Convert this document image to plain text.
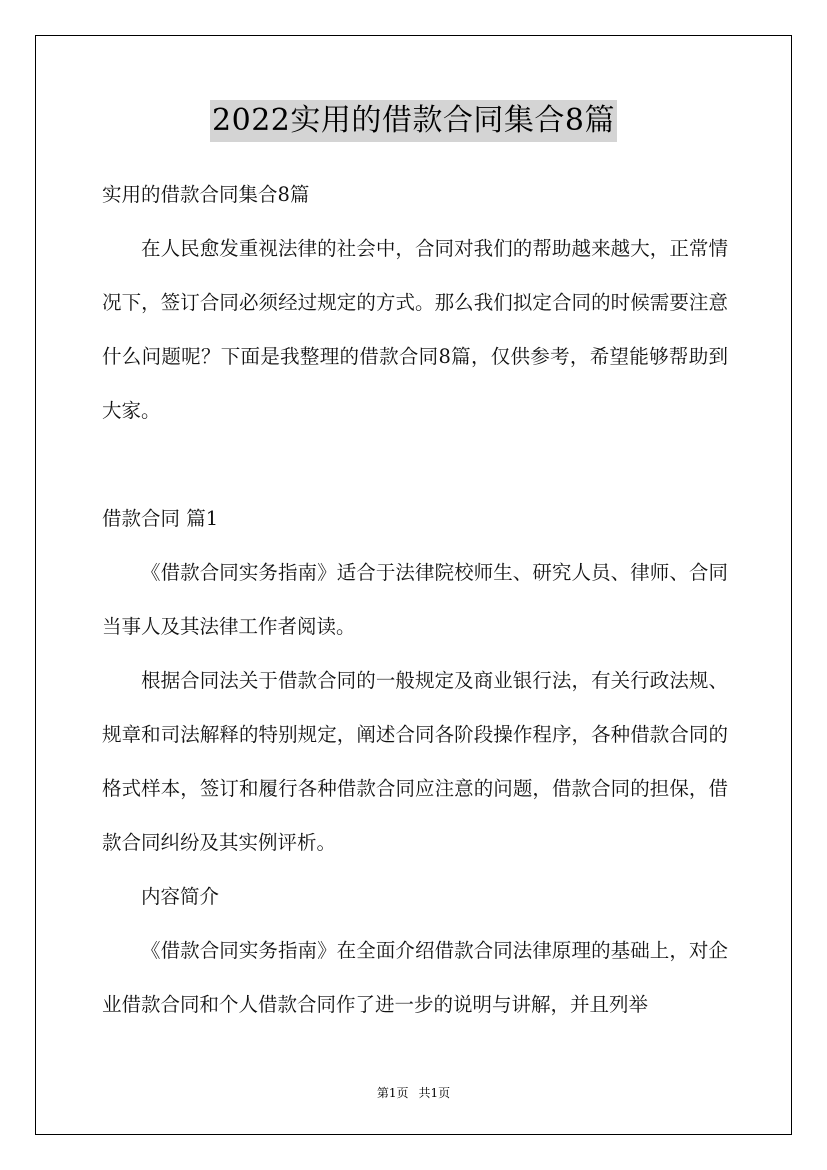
2022实用的借款合同集合8篇

实用的借款合同集合8篇

在人民愈发重视法律的社会中，合同对我们的帮助越来越大，正常情况下，签订合同必须经过规定的方式。那么我们拟定合同的时候需要注意什么问题呢？下面是我整理的借款合同8篇，仅供参考，希望能够帮助到大家。

借款合同 篇1

《借款合同实务指南》适合于法律院校师生、研究人员、律师、合同当事人及其法律工作者阅读。

根据合同法关于借款合同的一般规定及商业银行法，有关行政法规、规章和司法解释的特别规定，阐述合同各阶段操作程序，各种借款合同的格式样本，签订和履行各种借款合同应注意的问题，借款合同的担保，借款合同纠纷及其实例评析。

内容简介

《借款合同实务指南》在全面介绍借款合同法律原理的基础上，对企业借款合同和个人借款合同作了进一步的说明与讲解，并且列举

第1页 共1页
